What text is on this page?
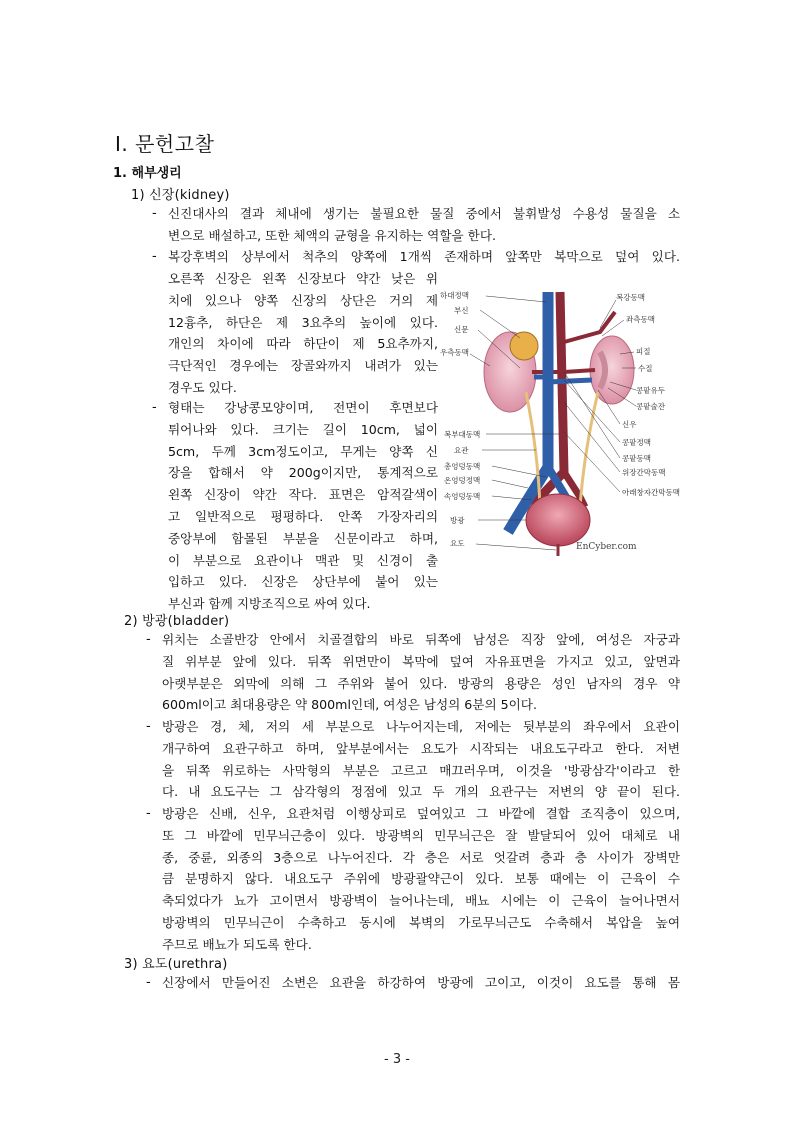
Ⅰ. 문헌고찰
1. 해부생리
1) 신장(kidney)
- 신진대사의 결과 체내에 생기는 불필요한 물질 중에서 불휘발성 수용성 물질을 소
변으로 배설하고, 또한 체액의 균형을 유지하는 역할을 한다.
- 복강후벽의 상부에서 척추의 양쪽에 1개씩 존재하며 앞쪽만 복막으로 덮여 있다.
오른쪽 신장은 왼쪽 신장보다 약간 낮은 위
치에 있으나 양쪽 신장의 상단은 거의 제
12흉추, 하단은 제 3요추의 높이에 있다.
개인의 차이에 따라 하단이 제 5요추까지,
극단적인 경우에는 장골와까지 내려가 있는
경우도 있다.
- 형태는 강낭콩모양이며, 전면이 후면보다
튀어나와 있다. 크기는 길이 10cm, 넓이
5cm, 두께 3cm정도이고, 무게는 양쪽 신
장을 합해서 약 200g이지만, 통계적으로
왼쪽 신장이 약간 작다. 표면은 암적갈색이
고 일반적으로 평평하다. 안쪽 가장자리의
중앙부에 함몰된 부분을 신문이라고 하며,
이 부분으로 요관이나 맥관 및 신경이 출
입하고 있다. 신장은 상단부에 붙어 있는
부신과 함께 지방조직으로 싸여 있다.
하대정맥
부신
신문
우측동맥
복부대동맥
요관
총엉덩동맥
온엉덩정맥
속엉덩동맥
방광
요도
복강동맥
좌측동맥
피질
수질
콩팥유두
콩팥술잔
신우
콩팥정맥
콩팥동맥
위장간막동맥
아래창자간막동맥
EnCyber.com
2) 방광(bladder)
- 위치는 소골반강 안에서 치골결합의 바로 뒤쪽에 남성은 직장 앞에, 여성은 자궁과
질 위부분 앞에 있다. 뒤쪽 위면만이 복막에 덮여 자유표면을 가지고 있고, 앞면과
아랫부분은 외막에 의해 그 주위와 붙어 있다. 방광의 용량은 성인 남자의 경우 약
600ml이고 최대용량은 약 800ml인데, 여성은 남성의 6분의 5이다.
- 방광은 경, 체, 저의 세 부분으로 나누어지는데, 저에는 뒷부분의 좌우에서 요관이
개구하여 요관구하고 하며, 앞부분에서는 요도가 시작되는 내요도구라고 한다. 저변
을 뒤쪽 위로하는 사막형의 부분은 고르고 매끄러우며, 이것을 '방광삼각'이라고 한
다. 내 요도구는 그 삼각형의 정점에 있고 두 개의 요관구는 저변의 양 끝이 된다.
- 방광은 신배, 신우, 요관처럼 이행상피로 덮여있고 그 바깥에 결합 조직층이 있으며,
또 그 바깥에 민무늬근층이 있다. 방광벽의 민무늬근은 잘 발달되어 있어 대체로 내
종, 중륜, 외종의 3층으로 나누어진다. 각 층은 서로 엇갈려 층과 층 사이가 장벽만
큼 분명하지 않다. 내요도구 주위에 방광괄약근이 있다. 보통 때에는 이 근육이 수
축되었다가 뇨가 고이면서 방광벽이 늘어나는데, 배뇨 시에는 이 근육이 늘어나면서
방광벽의 민무늬근이 수축하고 동시에 복벽의 가로무늬근도 수축해서 복압을 높여
주므로 배뇨가 되도록 한다.
3) 요도(urethra)
- 신장에서 만들어진 소변은 요관을 하강하여 방광에 고이고, 이것이 요도를 통해 몸
- 3 -
